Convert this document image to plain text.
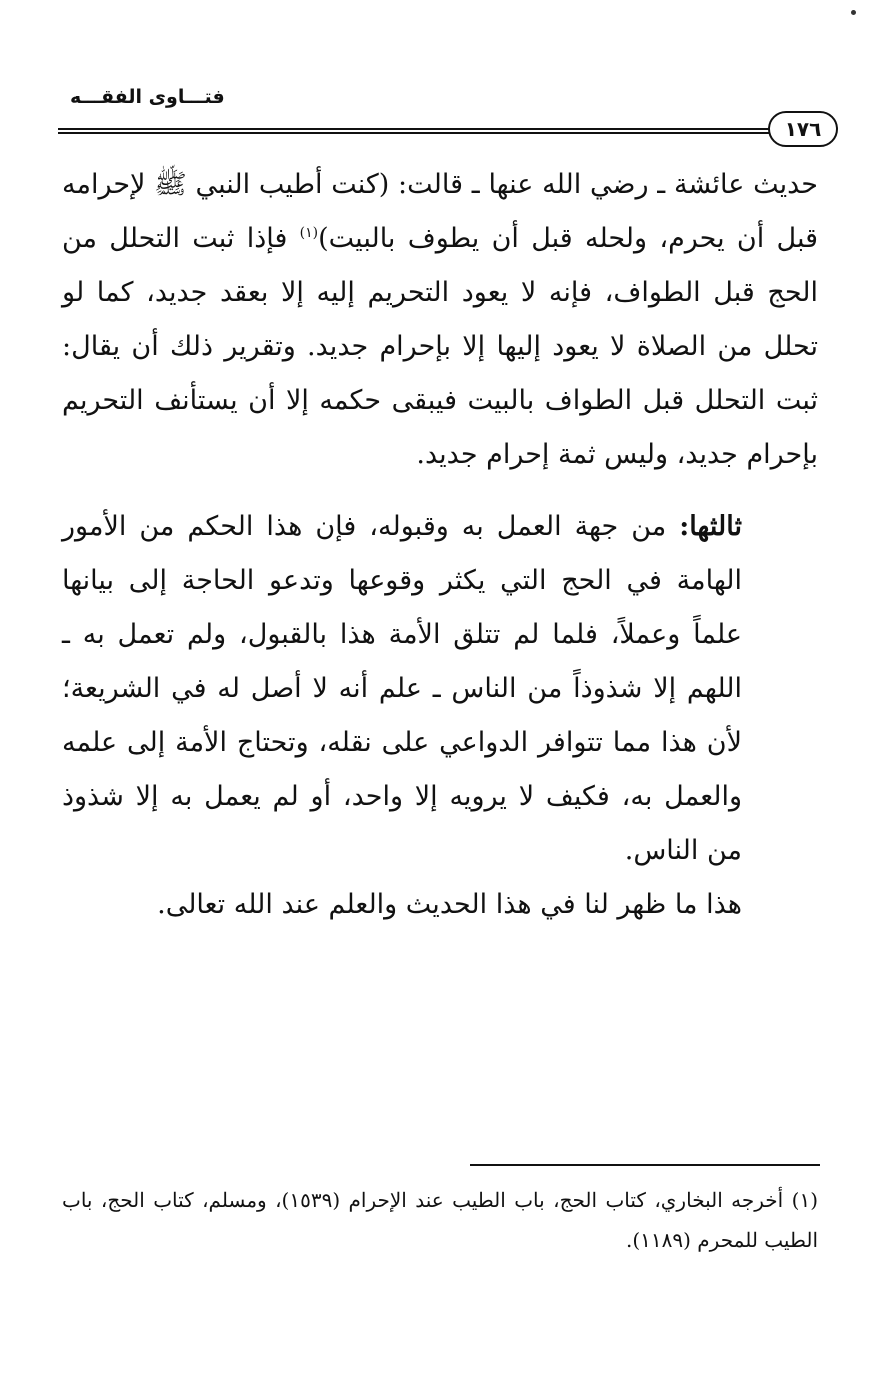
فتـــاوى الفقـــه
١٧٦

حديث عائشة ـ رضي الله عنها ـ قالت: (كنت أطيب النبي ﷺ لإحرامه قبل أن يحرم، ولحله قبل أن يطوف بالبيت)$^{(١)}$ فإذا ثبت التحلل من الحج قبل الطواف، فإنه لا يعود التحريم إليه إلا بعقد جديد، كما لو تحلل من الصلاة لا يعود إليها إلا بإحرام جديد. وتقرير ذلك أن يقال: ثبت التحلل قبل الطواف بالبيت فيبقى حكمه إلا أن يستأنف التحريم بإحرام جديد، وليس ثمة إحرام جديد.

ثالثها: من جهة العمل به وقبوله، فإن هذا الحكم من الأمور الهامة في الحج التي يكثر وقوعها وتدعو الحاجة إلى بيانها علماً وعملاً، فلما لم تتلق الأمة هذا بالقبول، ولم تعمل به ـ اللهم إلا شذوذاً من الناس ـ علم أنه لا أصل له في الشريعة؛ لأن هذا مما تتوافر الدواعي على نقله، وتحتاج الأمة إلى علمه والعمل به، فكيف لا يرويه إلا واحد، أو لم يعمل به إلا شذوذ من الناس.

هذا ما ظهر لنا في هذا الحديث والعلم عند الله تعالى.

(١) أخرجه البخاري، كتاب الحج، باب الطيب عند الإحرام (١٥٣٩)، ومسلم، كتاب الحج، باب الطيب للمحرم (١١٨٩).
